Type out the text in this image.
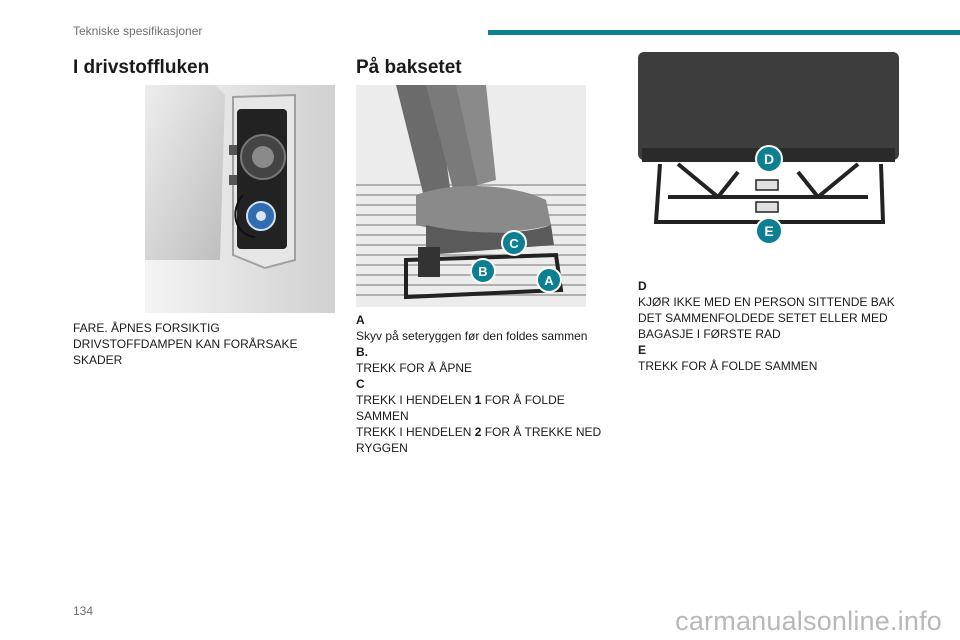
Tekniske spesifikasjoner
I drivstoffluken
FARE. ÅPNES FORSIKTIG
DRIVSTOFFDAMPEN KAN FORÅRSAKE
SKADER
På baksetet
C
B
A
A
Skyv på seteryggen før den foldes sammen
B.
TREKK FOR Å ÅPNE
C
TREKK I HENDELEN 1 FOR Å FOLDE
SAMMEN
TREKK I HENDELEN 2 FOR Å TREKKE NED
RYGGEN
D
E
D
KJØR IKKE MED EN PERSON SITTENDE BAK
DET SAMMENFOLDEDE SETET ELLER MED
BAGASJE I FØRSTE RAD
E
TREKK FOR Å FOLDE SAMMEN
134	carmanualsonline.info
